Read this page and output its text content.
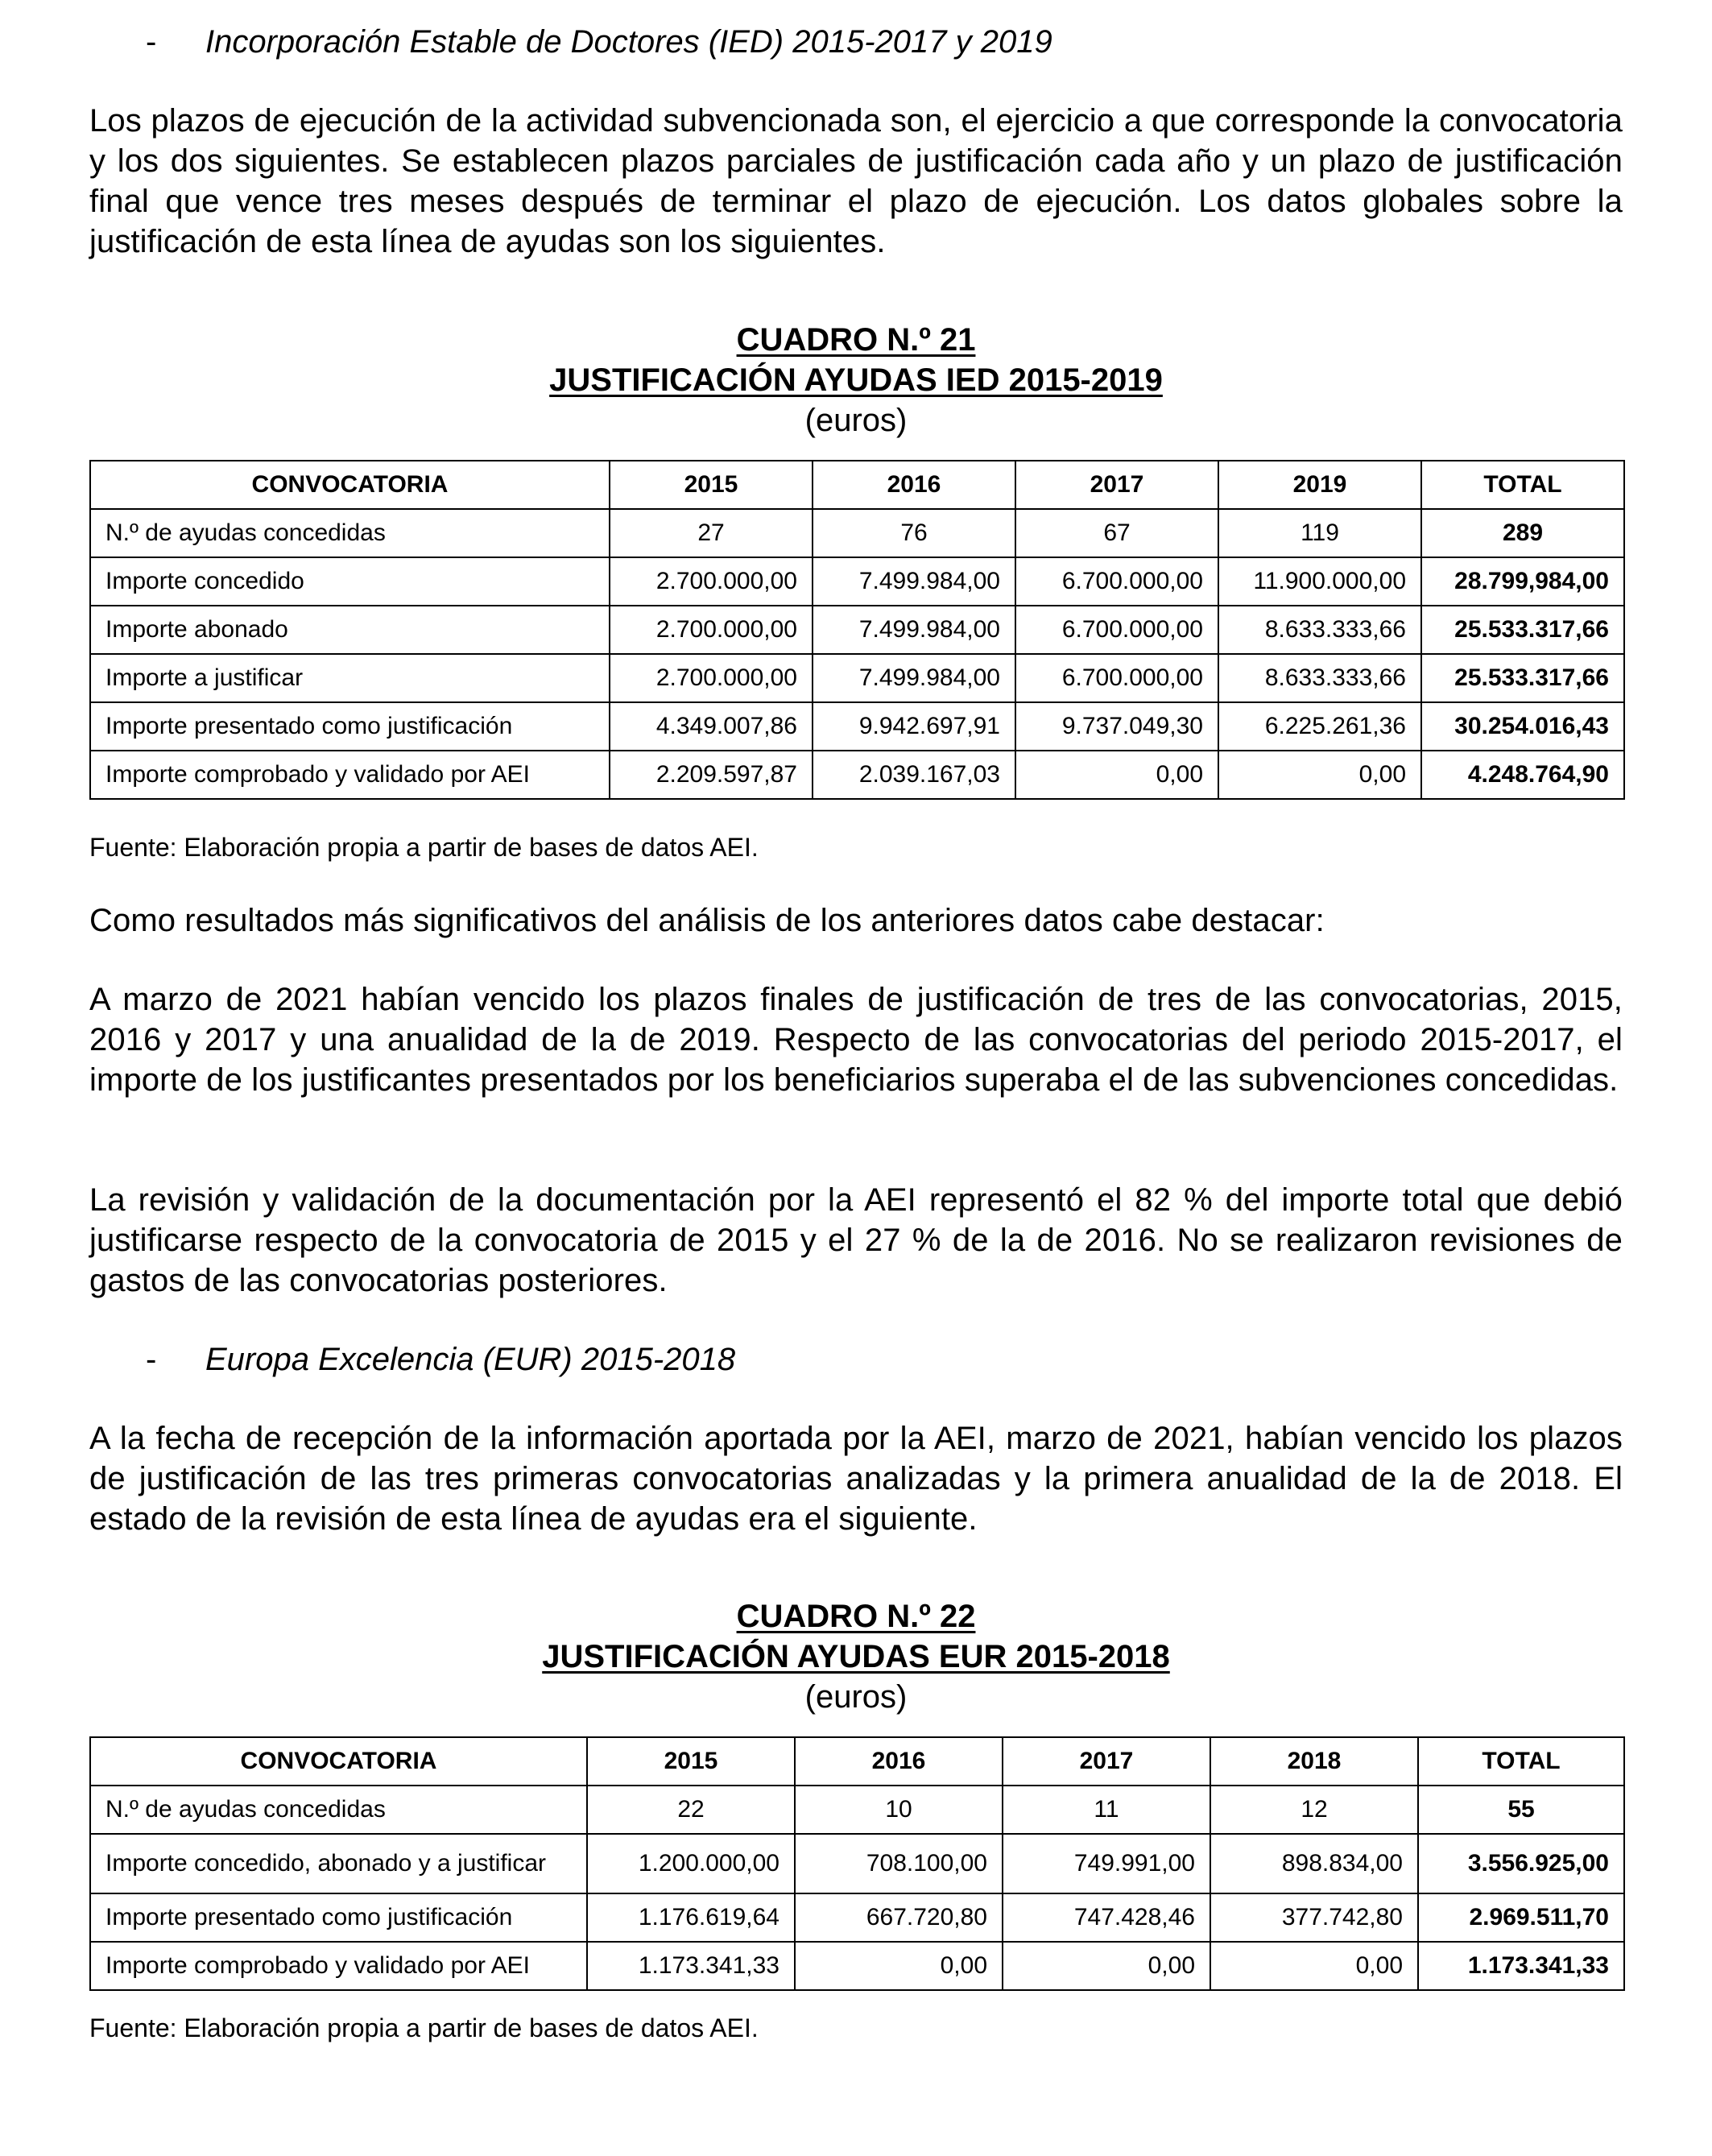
- Incorporación Estable de Doctores (IED) 2015-2017 y 2019
Los plazos de ejecución de la actividad subvencionada son, el ejercicio a que corresponde la convocatoria y los dos siguientes. Se establecen plazos parciales de justificación cada año y un plazo de justificación final que vence tres meses después de terminar el plazo de ejecución. Los datos globales sobre la justificación de esta línea de ayudas son los siguientes.
CUADRO N.º 21
JUSTIFICACIÓN AYUDAS IED 2015-2019
(euros)
CONVOCATORIA	2015	2016	2017	2019	TOTAL
N.º de ayudas concedidas	27	76	67	119	289
Importe concedido	2.700.000,00	7.499.984,00	6.700.000,00	11.900.000,00	28.799,984,00
Importe abonado	2.700.000,00	7.499.984,00	6.700.000,00	8.633.333,66	25.533.317,66
Importe a justificar	2.700.000,00	7.499.984,00	6.700.000,00	8.633.333,66	25.533.317,66
Importe presentado como justificación	4.349.007,86	9.942.697,91	9.737.049,30	6.225.261,36	30.254.016,43
Importe comprobado y validado por AEI	2.209.597,87	2.039.167,03	0,00	0,00	4.248.764,90
Fuente: Elaboración propia a partir de bases de datos AEI.
Como resultados más significativos del análisis de los anteriores datos cabe destacar:
A marzo de 2021 habían vencido los plazos finales de justificación de tres de las convocatorias, 2015, 2016 y 2017 y una anualidad de la de 2019. Respecto de las convocatorias del periodo 2015-2017, el importe de los justificantes presentados por los beneficiarios superaba el de las subvenciones concedidas.
La revisión y validación de la documentación por la AEI representó el 82 % del importe total que debió justificarse respecto de la convocatoria de 2015 y el 27 % de la de 2016. No se realizaron revisiones de gastos de las convocatorias posteriores.
- Europa Excelencia (EUR) 2015-2018
A la fecha de recepción de la información aportada por la AEI, marzo de 2021, habían vencido los plazos de justificación de las tres primeras convocatorias analizadas y la primera anualidad de la de 2018. El estado de la revisión de esta línea de ayudas era el siguiente.
CUADRO N.º 22
JUSTIFICACIÓN AYUDAS EUR 2015-2018
(euros)
CONVOCATORIA	2015	2016	2017	2018	TOTAL
N.º de ayudas concedidas	22	10	11	12	55
Importe concedido, abonado y a justificar	1.200.000,00	708.100,00	749.991,00	898.834,00	3.556.925,00
Importe presentado como justificación	1.176.619,64	667.720,80	747.428,46	377.742,80	2.969.511,70
Importe comprobado y validado por AEI	1.173.341,33	0,00	0,00	0,00	1.173.341,33
Fuente: Elaboración propia a partir de bases de datos AEI.
